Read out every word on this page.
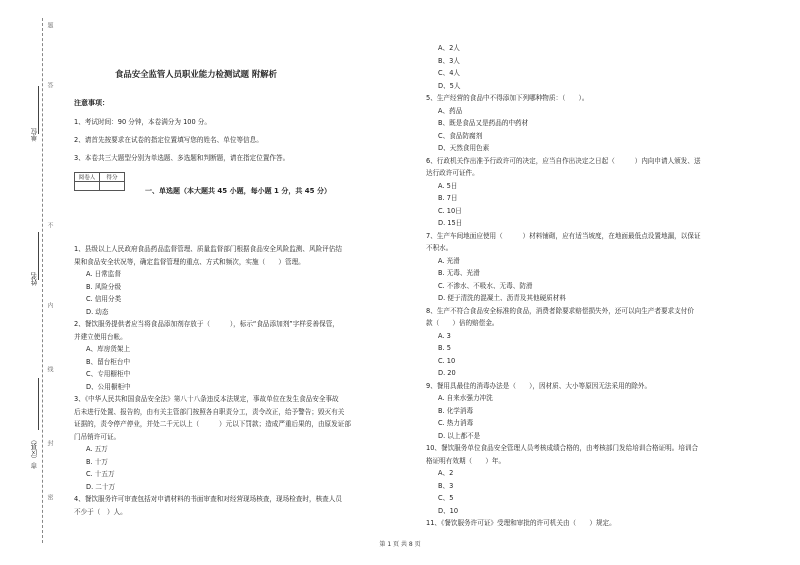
题
答
不
内
线
封
密
单位
姓名
市（区县）
食品安全监管人员职业能力检测试题 附解析
注意事项：
1、考试时间：90 分钟，本卷满分为 100 分。
2、请首先按要求在试卷的指定位置填写您的姓名、单位等信息。
3、本卷共三大题型分别为单选题、多选题和判断题，请在指定位置作答。
阅卷人	得分

一、单选题（本大题共 45 小题，每小题 1 分，共 45 分）
1、县级以上人民政府食品药品监督管理、质量监督部门根据食品安全风险监测、风险评估结
果和食品安全状况等，确定监督管理的重点、方式和频次，实施（　　）管理。
A. 日常监督
B. 风险分级
C. 信用分类
D. 动态
2、餐饮服务提供者应当将食品添加剂存放于（　　　），标示“食品添加剂”字样妥善保管，
并建立使用台帐。
A、库房货架上
B、留台柜台中
C、专用橱柜中
D、公用橱柜中
3、《中华人民共和国食品安全法》第八十八条违反本法规定，事故单位在发生食品安全事故
后未进行处置、报告的，由有关主管部门按照各自职责分工，责令改正，给予警告；毁灭有关
证据的，责令停产停业，并处二千元以上（　　　）元以下罚款；造成严重后果的，由原发证部
门吊销许可证。
A. 五万
B. 十万
C. 十五万
D. 二十万
4、餐饮服务许可审查包括对申请材料的书面审查和对经营现场核查，现场检查时，核查人员
不少于（　）人。
A、2人
B、3人
C、4人
D、5人
5、生产经营的食品中不得添加下列哪种物质：（　　）。
A、药品
B、既是食品又是药品的中药材
C、食品防腐剂
D、天然食用色素
6、行政机关作出准予行政许可的决定，应当自作出决定之日起（　　　）内向申请人颁发、送
达行政许可证件。
A. 5日
B. 7日
C. 10日
D. 15日
7、生产车间地面应使用（　　　）材料铺砌，应有适当坡度，在地面最低点设置地漏，以保证
不积水。
A. 光滑
B. 无毒、光滑
C. 不渗水、不吸水、无毒、防滑
D. 便于清洗的混凝土、沥青及其他硬质材料
8、生产不符合食品安全标准的食品，消费者除要求赔偿损失外，还可以向生产者要求支付价
款（　　）倍的赔偿金。
A. 3
B. 5
C. 10
D. 20
9、餐用具最佳的消毒办法是（　　），因材质、大小等原因无法采用的除外。
A. 自来水强力冲洗
B. 化学消毒
C. 热力消毒
D. 以上都不是
10、餐饮服务单位食品安全管理人员考核成绩合格的，由考核部门发给培训合格证明。培训合
格证明有效期（　　）年。
A、2
B、3
C、5
D、10
11、《餐饮服务许可证》受理和审批的许可机关由（　　）规定。
第 1 页 共 8 页
